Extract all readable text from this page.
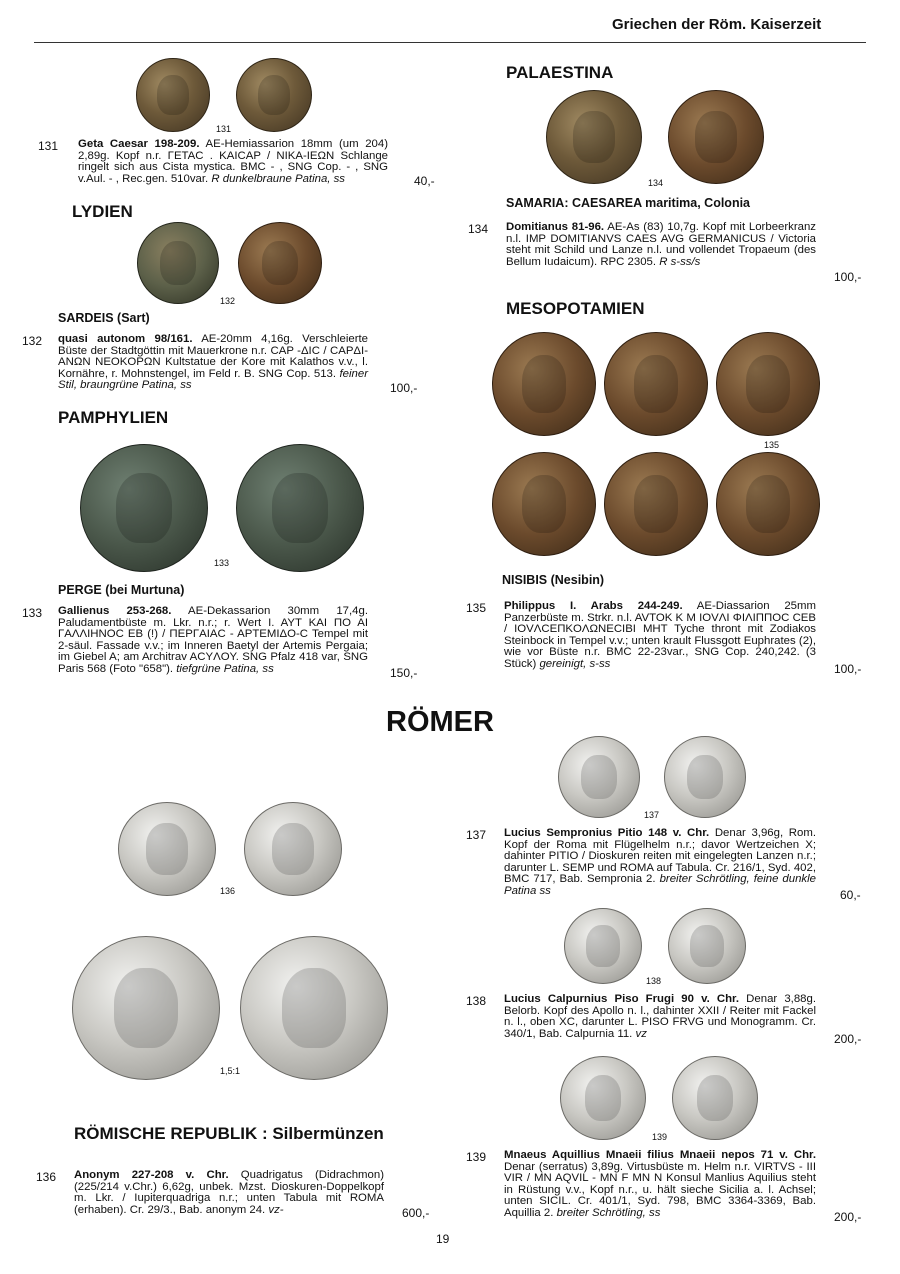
Griechen der Röm. Kaiserzeit
131
131 Geta Caesar 198-209. AE-Hemiassarion 18mm (um 204) 2,89g. Kopf n.r. ΓETAC . KAICAP / NIKA-IEΩN Schlange ringelt sich aus Cista mystica. BMC - , SNG Cop. - , SNG v.Aul. - , Rec.gen. 510var. R dunkelbraune Patina, ss	40,-
LYDIEN
132
SARDEIS (Sart)
132 quasi autonom 98/161. AE-20mm 4,16g. Verschleierte Büste der Stadtgöttin mit Mauerkrone n.r. CAP -ΔIC / CAPΔI-ANΩN NEOKOPΩN Kultstatue der Kore mit Kalathos v.v., l. Kornähre, r. Mohnstengel, im Feld r. B. SNG Cop. 513. feiner Stil, braungrüne Patina, ss	100,-
PAMPHYLIEN
133
PERGE (bei Murtuna)
133 Gallienus 253-268. AE-Dekassarion 30mm 17,4g. Paludamentbüste m. Lkr. n.r.; r. Wert I. AYT KAI ΠO AI ΓAΛΛIHNOC EB (!) / ΠEPΓAIAC - APTEMIΔO-C Tempel mit 2-säul. Fassade v.v.; im Inneren Baetyl der Artemis Pergaia; im Giebel A; am Architrav ACYΛOY. SNG Pfalz 418 var, SNG Paris 568 (Foto "658"). tiefgrüne Patina, ss	150,-
PALAESTINA
134
SAMARIA: CAESAREA maritima, Colonia
134 Domitianus 81-96. AE-As (83) 10,7g. Kopf mit Lorbeerkranz n.l. IMP DOMITIANVS CAES AVG GERMANICUS / Victoria steht mit Schild und Lanze n.l. und vollendet Tropaeum (des Bellum Iudaicum). RPC 2305. R s-ss/s
100,-
MESOPOTAMIEN
135
NISIBIS (Nesibin)
135 Philippus I. Arabs 244-249. AE-Diassarion 25mm Panzerbüste m. Strkr. n.l. AVTOK K M IOVΛI ΦIΛIΠΠOC CEB / IOVΛCEΠKOΛΩNECIBI MHT Tyche thront mit Zodiakos Steinbock in Tempel v.v.; unten krault Flussgott Euphrates (2), wie vor Büste n.r. BMC 22-23var., SNG Cop. 240,242. (3 Stück) gereinigt, s-ss	100,-
RÖMER
136
1,5:1
RÖMISCHE REPUBLIK : Silbermünzen
136 Anonym 227-208 v. Chr. Quadrigatus (Didrachmon) (225/214 v.Chr.) 6,62g, unbek. Mzst. Dioskuren-Doppelkopf m. Lkr. / Iupiterquadriga n.r.; unten Tabula mit ROMA (erhaben). Cr. 29/3., Bab. anonym 24. vz-	600,-
137
137 Lucius Sempronius Pitio 148 v. Chr. Denar 3,96g, Rom. Kopf der Roma mit Flügelhelm n.r.; davor Wertzeichen X; dahinter PITIO / Dioskuren reiten mit eingelegten Lanzen n.r.; darunter L. SEMP und ROMA auf Tabula. Cr. 216/1, Syd. 402, BMC 717, Bab. Sempronia 2. breiter Schrötling, feine dunkle Patina ss	60,-
138
138 Lucius Calpurnius Piso Frugi 90 v. Chr. Denar 3,88g. Belorb. Kopf des Apollo n. l., dahinter XXII / Reiter mit Fackel n. l., oben XC, darunter L. PISO FRVG und Monogramm. Cr. 340/1, Bab. Calpurnia 11. vz	200,-
139
139 Mnaeus Aquillius Mnaeii filius Mnaeii nepos 71 v. Chr. Denar (serratus) 3,89g. Virtusbüste m. Helm n.r. VIRTVS - III VIR / MN AQVIL - MN F MN N Konsul Manlius Aquilius steht in Rüstung v.v., Kopf n.r., u. hält sieche Sicilia a. l. Achsel; unten SICIL. Cr. 401/1, Syd. 798, BMC 3364-3369, Bab. Aquillia 2. breiter Schrötling, ss	200,-
19
